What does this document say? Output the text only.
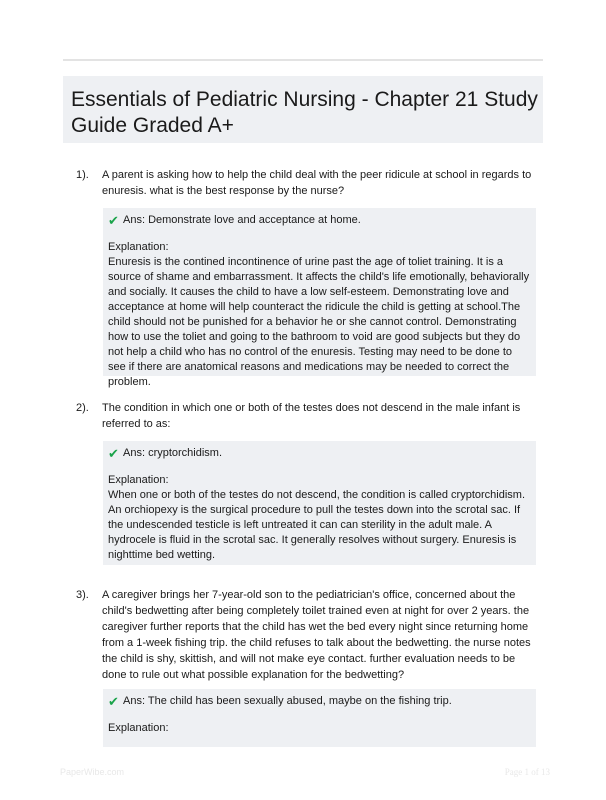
Essentials of Pediatric Nursing - Chapter 21 Study Guide Graded A+
1). A parent is asking how to help the child deal with the peer ridicule at school in regards to enuresis. what is the best response by the nurse?
✔ Ans: Demonstrate love and acceptance at home.
Explanation:
Enuresis is the contined incontinence of urine past the age of toliet training. It is a source of shame and embarrassment. It affects the child's life emotionally, behaviorally and socially. It causes the child to have a low self-esteem. Demonstrating love and acceptance at home will help counteract the ridicule the child is getting at school.The child should not be punished for a behavior he or she cannot control. Demonstrating how to use the toliet and going to the bathroom to void are good subjects but they do not help a child who has no control of the enuresis. Testing may need to be done to see if there are anatomical reasons and medications may be needed to correct the problem.
2). The condition in which one or both of the testes does not descend in the male infant is referred to as:
✔ Ans: cryptorchidism.
Explanation:
When one or both of the testes do not descend, the condition is called cryptorchidism. An orchiopexy is the surgical procedure to pull the testes down into the scrotal sac. If the undescended testicle is left untreated it can can sterility in the adult male. A hydrocele is fluid in the scrotal sac. It generally resolves without surgery. Enuresis is nighttime bed wetting.
3). A caregiver brings her 7-year-old son to the pediatrician's office, concerned about the child's bedwetting after being completely toilet trained even at night for over 2 years. the caregiver further reports that the child has wet the bed every night since returning home from a 1-week fishing trip. the child refuses to talk about the bedwetting. the nurse notes the child is shy, skittish, and will not make eye contact. further evaluation needs to be done to rule out what possible explanation for the bedwetting?
✔ Ans: The child has been sexually abused, maybe on the fishing trip.
Explanation:
PaperWibe.com	Page 1 of 13
